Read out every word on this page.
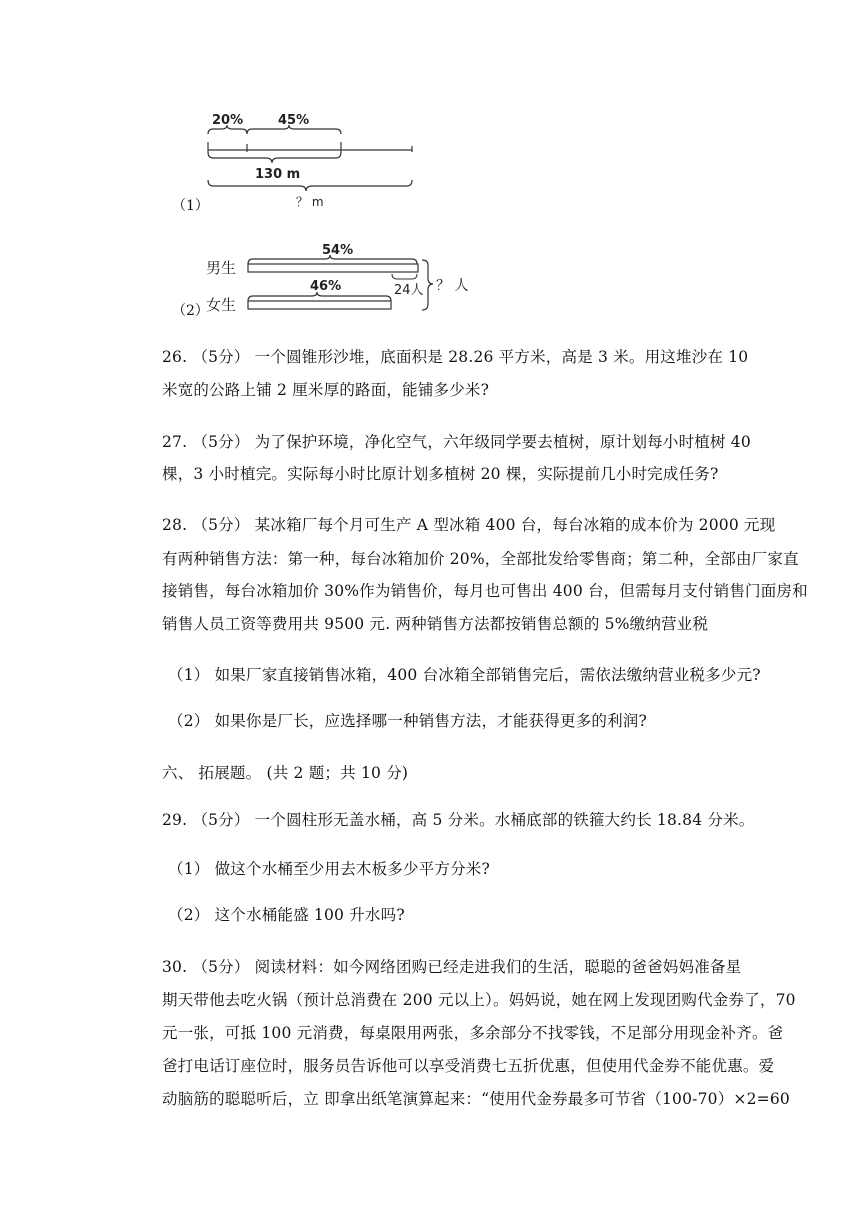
（1）
20%	45%
130 m
？ m
（2）
54%
男生
46%	24人
女生
？ 人
26. （5分） 一个圆锥形沙堆，底面积是 28.26 平方米，高是 3 米。用这堆沙在 10
米宽的公路上铺 2 厘米厚的路面，能铺多少米?
27. （5分） 为了保护环境，净化空气，六年级同学要去植树，原计划每小时植树 40
棵，3 小时植完。实际每小时比原计划多植树 20 棵，实际提前几小时完成任务?
28. （5分） 某冰箱厂每个月可生产 A 型冰箱 400 台，每台冰箱的成本价为 2000 元现
有两种销售方法：第一种，每台冰箱加价 20%，全部批发给零售商；第二种，全部由厂家直
接销售，每台冰箱加价 30%作为销售价，每月也可售出 400 台，但需每月支付销售门面房和
销售人员工资等费用共 9500 元. 两种销售方法都按销售总额的 5%缴纳营业税
（1） 如果厂家直接销售冰箱，400 台冰箱全部销售完后，需依法缴纳营业税多少元?
（2） 如果你是厂长，应选择哪一种销售方法，才能获得更多的利润?
六、 拓展题。 (共 2 题；共 10 分)
29. （5分） 一个圆柱形无盖水桶，高 5 分米。水桶底部的铁箍大约长 18.84 分米。
（1） 做这个水桶至少用去木板多少平方分米?
（2） 这个水桶能盛 100 升水吗?
30. （5分） 阅读材料：如今网络团购已经走进我们的生活，聪聪的爸爸妈妈准备星
期天带他去吃火锅（预计总消费在 200 元以上）。妈妈说，她在网上发现团购代金券了，70
元一张，可抵 100 元消费，每桌限用两张，多余部分不找零钱，不足部分用现金补齐。爸
爸打电话订座位时，服务员告诉他可以享受消费七五折优惠，但使用代金券不能优惠。爱
动脑筋的聪聪听后，立 即拿出纸笔演算起来：“使用代金券最多可节省（100-70）×2=60
